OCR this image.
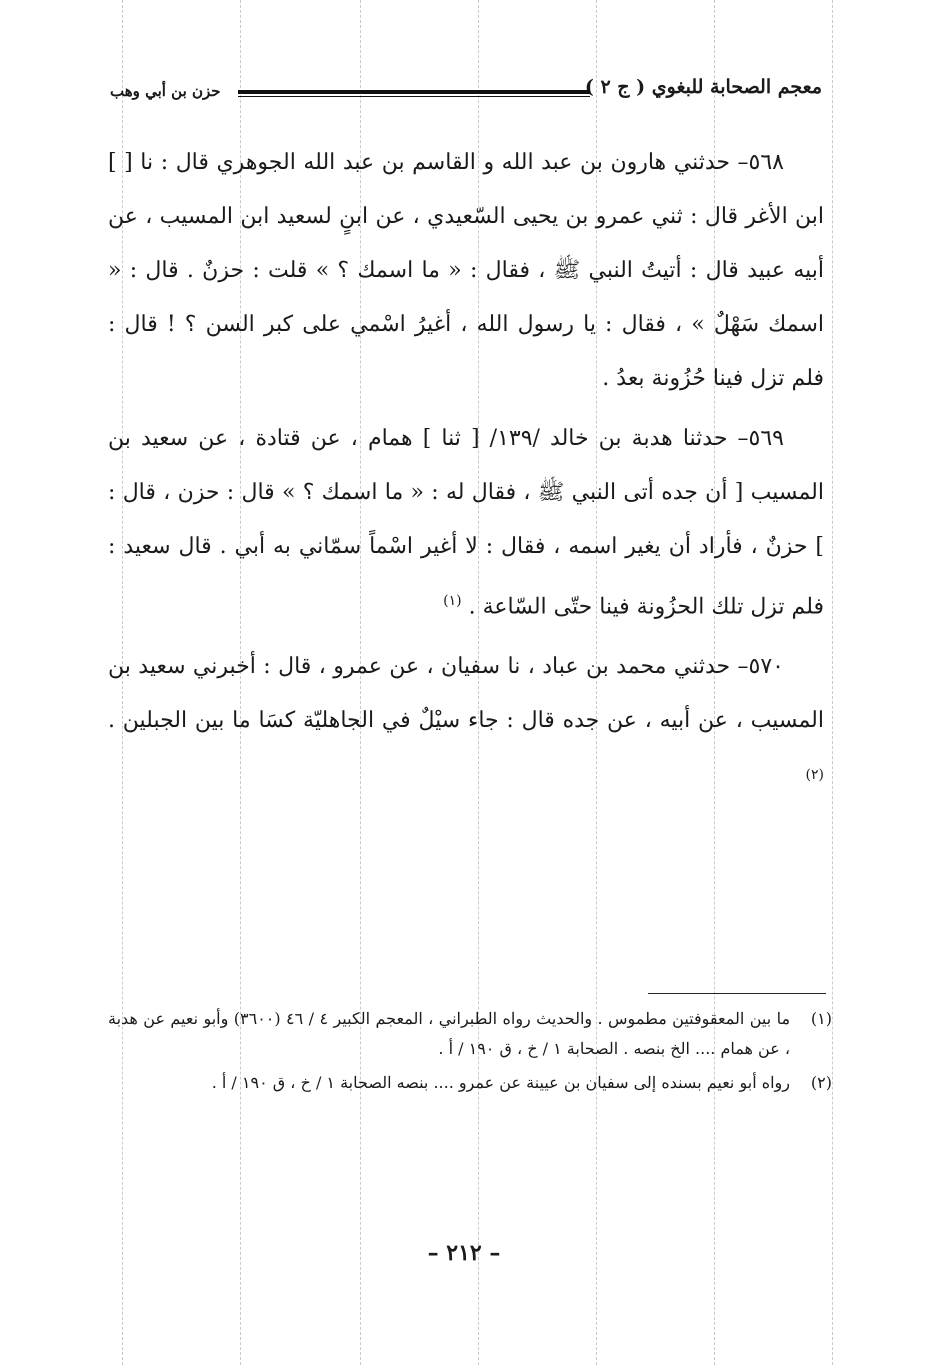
معجم الصحابة للبغوي ( ج ٢ )
حزن بن أبي وهب

٥٦٨– حدثني هارون بن عبد الله و القاسم بن عبد الله الجوهري قال : نا [ ] ابن الأغر قال : ثني عمرو بن يحيى السّعيدي ، عن ابنٍ لسعيد ابن المسيب ، عن أبيه عبيد قال : أتيتُ النبي ﷺ ، فقال : « ما اسمك ؟ » قلت : حزنٌ . قال : « اسمك سَهْلٌ » ، فقال : يا رسول الله ، أغيرُ اسْمي على كبر السن ؟ ! قال : فلم تزل فينا حُزُونة بعدُ .

٥٦٩– حدثنا هدبة بن خالد /١٣٩/ [ ثنا ] همام ، عن قتادة ، عن سعيد بن المسيب [ أن جده أتى النبي ﷺ ، فقال له : « ما اسمك ؟ » قال : حزن ، قال : ] حزنٌ ، فأراد أن يغير اسمه ، فقال : لا أغير اسْماً سمّاني به أبي . قال سعيد : فلم تزل تلك الحزُونة فينا حتّى السّاعة . $^{(١)}$

٥٧٠– حدثني محمد بن عباد ، نا سفيان ، عن عمرو ، قال : أخبرني سعيد بن المسيب ، عن أبيه ، عن جده قال : جاء سيْلٌ في الجاهليّة كسَا ما بين الجبلين . $^{(٢)}$

(١)
ما بين المعقوفتين مطموس . والحديث رواه الطبراني ، المعجم الكبير ٤ / ٤٦ (٣٦٠٠) وأبو نعيم عن هدبة ، عن همام .... الخ بنصه . الصحابة ١ / خ ، ق ١٩٠ / أ .

(٢)
رواه أبو نعيم بسنده إلى سفيان بن عيينة عن عمرو .... بنصه الصحابة ١ / خ ، ق ١٩٠ / أ .

– ٢١٢ –
